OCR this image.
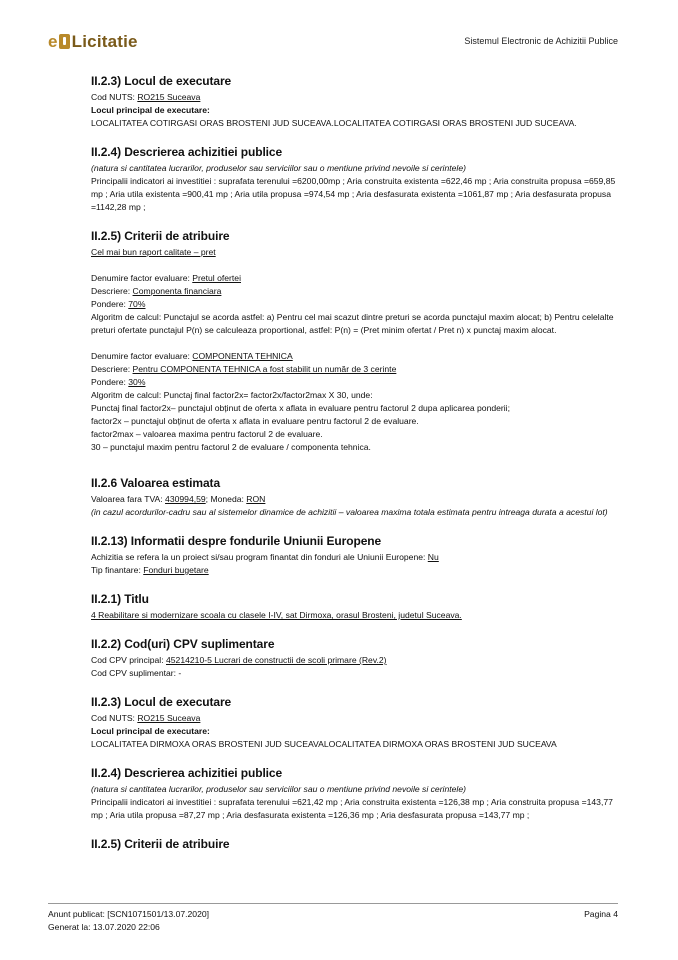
e Licitatie	Sistemul Electronic de Achizitii Publice
II.2.3) Locul de executare
Cod NUTS: RO215 Suceava
Locul principal de executare:
LOCALITATEA COTIRGASI ORAS BROSTENI JUD SUCEAVA.LOCALITATEA COTIRGASI ORAS BROSTENI JUD SUCEAVA.
II.2.4) Descrierea achizitiei publice
(natura si cantitatea lucrarilor, produselor sau serviciilor sau o mentiune privind nevoile si cerintele)
Principalii indicatori ai investitiei : suprafata terenului =6200,00mp ; Aria construita existenta =622,46 mp ; Aria construita propusa =659,85 mp ; Aria utila existenta =900,41 mp ; Aria utila propusa =974,54 mp ; Aria desfasurata existenta =1061,87 mp ; Aria desfasurata propusa =1142,28 mp ;
II.2.5) Criterii de atribuire
Cel mai bun raport calitate – pret
Denumire factor evaluare: Pretul ofertei
Descriere: Componenta financiara
Pondere: 70%
Algoritm de calcul: Punctajul se acorda astfel: a) Pentru cel mai scazut dintre preturi se acorda punctajul maxim alocat; b) Pentru celelalte preturi ofertate punctajul P(n) se calculeaza proportional, astfel: P(n) = (Pret minim ofertat / Pret n) x punctaj maxim alocat.
Denumire factor evaluare: COMPONENTA TEHNICA
Descriere: Pentru COMPONENTA TEHNICA a fost stabilit un număr de 3 cerinte
Pondere: 30%
Algoritm de calcul: Punctaj final factor2x= factor2x/factor2max X 30, unde:
Punctaj final factor2x– punctajul obținut de oferta x aflata in evaluare pentru factorul 2 dupa aplicarea ponderii;
factor2x – punctajul obținut de oferta x aflata in evaluare pentru factorul 2 de evaluare.
factor2max – valoarea maxima pentru factorul 2 de evaluare.
30 – punctajul maxim pentru factorul 2 de evaluare / componenta tehnica.
II.2.6 Valoarea estimata
Valoarea fara TVA: 430994,59; Moneda: RON
(in cazul acordurilor-cadru sau al sistemelor dinamice de achizitii – valoarea maxima totala estimata pentru intreaga durata a acestui lot)
II.2.13) Informatii despre fondurile Uniunii Europene
Achizitia se refera la un proiect si/sau program finantat din fonduri ale Uniunii Europene: Nu
Tip finantare: Fonduri bugetare
II.2.1) Titlu
4 Reabilitare si modernizare scoala cu clasele I-IV, sat Dirmoxa, orasul Brosteni, judetul Suceava.
II.2.2) Cod(uri) CPV suplimentare
Cod CPV principal: 45214210-5 Lucrari de constructii de scoli primare (Rev.2)
Cod CPV suplimentar: -
II.2.3) Locul de executare
Cod NUTS: RO215 Suceava
Locul principal de executare:
LOCALITATEA DIRMOXA ORAS BROSTENI JUD SUCEAVALOCALITATEA DIRMOXA ORAS BROSTENI JUD SUCEAVA
II.2.4) Descrierea achizitiei publice
(natura si cantitatea lucrarilor, produselor sau serviciilor sau o mentiune privind nevoile si cerintele)
Principalii indicatori ai investitiei : suprafata terenului =621,42 mp ; Aria construita existenta =126,38 mp ; Aria construita propusa =143,77 mp ; Aria utila propusa =87,27 mp ; Aria desfasurata existenta =126,36 mp ; Aria desfasurata propusa =143,77 mp ;
II.2.5) Criterii de atribuire
Anunt publicat: [SCN1071501/13.07.2020]
Generat la: 13.07.2020 22:06
Pagina 4
